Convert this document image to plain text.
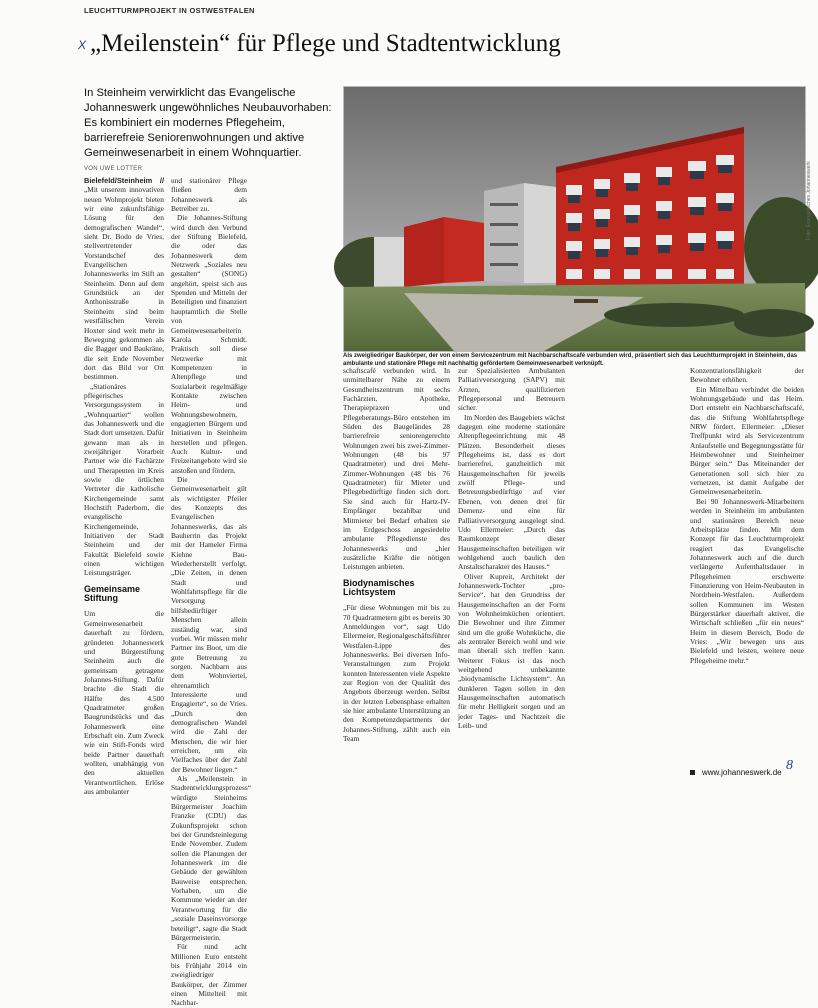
LEUCHTTURMPROJEKT IN OSTWESTFALEN
X „Meilenstein“ für Pflege und Stadtentwicklung
In Steinheim verwirklicht das Evangelische Johanneswerk ungewöhnliches Neubauvorhaben: Es kombiniert ein modernes Pflegeheim, barrierefreie Seniorenwohnungen und aktive Gemeinwesenarbeit in einem Wohnquartier.
VON UWE LOTTER	Foto: Evangelisches Johanneswerk
Als zweigliedriger Baukörper, der von einem Servicezentrum mit Nachbarschaftscafé verbunden wird, präsentiert sich das Leuchtturmprojekt in Steinheim, das ambulante und stationäre Pflege mit nachhaltig gefördertem Gemeinwesenarbeit verknüpft.

Bielefeld/Steinheim // „Mit unserem innovativen neuen Wohnprojekt bieten wir eine zukunftsfähige Lösung für den demografischen Wandel“, sieht Dr. Bodo de Vries, stellvertretender Vorstandschef des Evangelischen Johanneswerks im Stift an Steinheim. Denn auf dem Grundstück an der Anthonisstraße in Steinheim sind beim westfälischen Verein Hoxter sind weit mehr in Bewegung gekommen als die Bagger und Baukräne, die seit Ende November dort das Bild vor Ort bestimmen.

„Stationäres pflegerisches Versorgungssystem in „Wohnquartier“ wollen das Johanneswerk und die Stadt dort umsetzen. Dafür gewann man als in zweijähriger Vorarbeit Partner wie die Fachärzte und Therapeuten im Kreis sowie die örtlichen Vertreter die katholische Kirchengemeinde samt Hochstift Paderborn, die evangelische Kirchengemeinde, Initiativen der Stadt Steinheim und der Fakultät Bielefeld sowie einen wichtigen Leistungsträger.

Gemeinsame Stiftung

Um die Gemeinwesenarbeit dauerhaft zu fördern, gründeten Johanneswerk und Bürgerstiftung Steinheim auch die gemeinsam getragene Johannes-Stiftung. Dafür brachte die Stadt die Hälfte des 4.500 Quadratmeter großen Baugrundstücks und das Johanneswerk eine Erbschaft ein. Zum Zweck wie ein Stift-Fonds wird beide Partner dauerhaft wollten, unabhängig von den aktuellen Verantwortlichen. Erlöse aus ambulanter

und stationärer Pflege fließen dem Johanneswerk als Betreiber zu.

Die Johannes-Stiftung wird durch den Verbund der Stiftung Bielefeld, die oder das Johanneswerk dem Netzwerk „Soziales neu gestalten“ (SONG) angehört, speist sich aus Spenden und Mitteln der Beteiligten und finanziert hauptamtlich die Stelle von Gemeinwesenarbeiterin Karola Schmidt. Praktisch soll diese Netzwerke mit Kompetenzen in Altenpflege und Sozialarbeit regelmäßige Kontakte zwischen Heim- und Wohnungsbewohnern, engagierten Bürgern und Initiativen in Steinheim herstellen und pflegen. Auch Kultur- und Freizeitangebote wird sie anstoßen und fördern.

Die Gemeinwesenarbeit gilt als wichtigster Pfeiler des Konzepts des Evangelischen Johanneswerks, das als Bauherrin das Projekt mit der Hameler Firma Kiehne Bau-Wiederherstellt verfolgt. „Die Zeiten, in denen Stadt und Wohlfahrtspflege für die Versorgung hilfsbedürftiger Menschen allein zuständig war, sind vorbei. Wir müssen mehr Partner ins Boot, um die gute Betreuung zu sorgen. Nachbarn aus dem Wohnviertel, ehrenamtlich Interessierte und Engagierte“, so de Vries. „Durch den demografischen Wandel wird die Zahl der Menschen, die wir hier erreichen, um ein Vielfaches über der Zahl der Bewohner liegen.“

Als „Meilenstein in Stadtentwicklungsprozess“ würdigte Steinheims Bürgermeister Joachim Franzke (CDU) das Zukunftsprojekt schon bei der Grundsteinlegung Ende November. Zudem sollen die Planungen der Johanneswerk im die Gebäude der gewählten Bauweise entsprechen. Vorhaben, um die Kommune wieder an der Verantwortung für die „soziale Daseinsvorsorge beteiligt“, sagte die Stadt Bürgermeisterin.

Für rund acht Millionen Euro entsteht bis Frühjahr 2014 ein zweigliedriger Baukörper, der Zimmer einen Mittelteil mit Nachbar-

schaftscafé verbunden wird. In unmittelbarer Nähe zu einem Gesundheitszentrum mit sechs Fachärzten, Apotheke, Therapiepraxen und Pflegeberatungs-Büro entstehen im Süden des Baugeländes 28 barrierefreie seniorengerechte Wohnungen zwei bis zwei-Zimmer-Wohnungen (48 bis 97 Quadratmeter) und drei Mehr-Zimmer-Wohnungen (48 bis 76 Quadratmeter) für Mieter und Pflegebedürftige finden sich dort. Sie sind auch für Hartz-IV-Empfänger bezahlbar und Mitmieter bei Bedarf erhalten sie im Erdgeschoss angesiedelte ambulante Pflegedienste des Johanneswerks und „hier zusätzliche Kräfte die nötigen Leistungen anbieten.

Biodynamisches Lichtsystem

„Für diese Wohnungen mit bis zu 70 Quadratmetern gibt es bereits 30 Anmeldungen vor“, sagt Udo Ellermeier, Regionalgeschäftsführer Westfalen-Lippe des Johanneswerks. Bei diversen Info-Veranstaltungen zum Projekt konnten Interessenten viele Aspekte zur Region von der Qualität des Angebots überzeugt werden. Selbst in der letzten Lebensphase erhalten sie hier ambulante Unterstützung an den Kompetenzdepartments der Johannes-Stiftung, zählt auch ein Team

zur Spezialisierten Ambulanten Palliativversorgung (SAPV) mit Ärzten, qualifizierten Pflegepersonal und Betreuern sicher.

Im Norden des Baugebiets wächst dagegen eine moderne stationäre Altenpflegeeinrichtung mit 48 Plätzen. Besonderheit dieses Pflegeheims ist, dass es dort barrierefrei, ganzheitlich mit Hausgemeinschaften für jeweils zwölf Pflege- und Betreuungsbedürftige auf vier Ebenen, von denen drei für Demenz- und eine für Palliativversorgung ausgelegt sind. Udo Ellermeier: „Durch das Raumkonzept dieser Hausgemeinschaften beteiligen wir wohlgehend auch baulich den Anstaltscharakter des Hauses.“

Oliver Kupreit, Architekt der Johanneswerk-Tochter „pro-Service“, hat den Grundriss der Hausgemeinschaften an der Form von Wohnheimküchen orientiert. Die Bewohner und ihre Zimmer sind um die große Wohnküche, die als zentraler Bereich wohl und wie man überall sich treffen kann. Weiterer Fokus ist das noch weitgehend unbekannte „biodynamische Lichtsystem“. An dunkleren Tagen sollen in den Hausgemeinschaften automatisch für mehr Helligkeit sorgen und an jeder Tages- und Nachtzeit die Leib- und

Konzentrationsfähigkeit der Bewohner erhöhen.

Ein Mittelbau verbindet die beiden Wohnungsgebäude und das Heim. Dort entsteht ein Nachbarschaftscafé, das die Stiftung Wohlfahrtspflege NRW fördert. Ellermeier: „Dieser Treffpunkt wird als Servicezentrum Anlaufstelle und Begegnungsstätte für Heimbewohner und Steinheimer Bürger sein.“ Das Miteinander der Generationen soll sich hier zu vernetzen, ist damit Aufgabe der Gemeinwesenarbeiterin.

Bei 90 Johanneswerk-Mitarbeitern werden in Steinheim im ambulanten und stationären Bereich neue Arbeitsplätze finden. Mit dem Konzept für das Leuchtturmprojekt reagiert das Evangelische Johanneswerk auch auf die durch verlängerte Aufenthaltsdauer in Pflegeheimen erschwerte Finanzierung von Heim-Neubauten in Nordrhein-Westfalen. Außerdem sollen Kommunen im Westen Bürgerstärker dauerhaft aktiver, die Wirtschaft schließen „für ein neues“ Heim in diesem Bereich, Bodo de Vries: „Wir bewegen uns aus Bielefeld und leisten, weitere neue Pflegeheime mehr.“

www.johanneswerk.de 8
